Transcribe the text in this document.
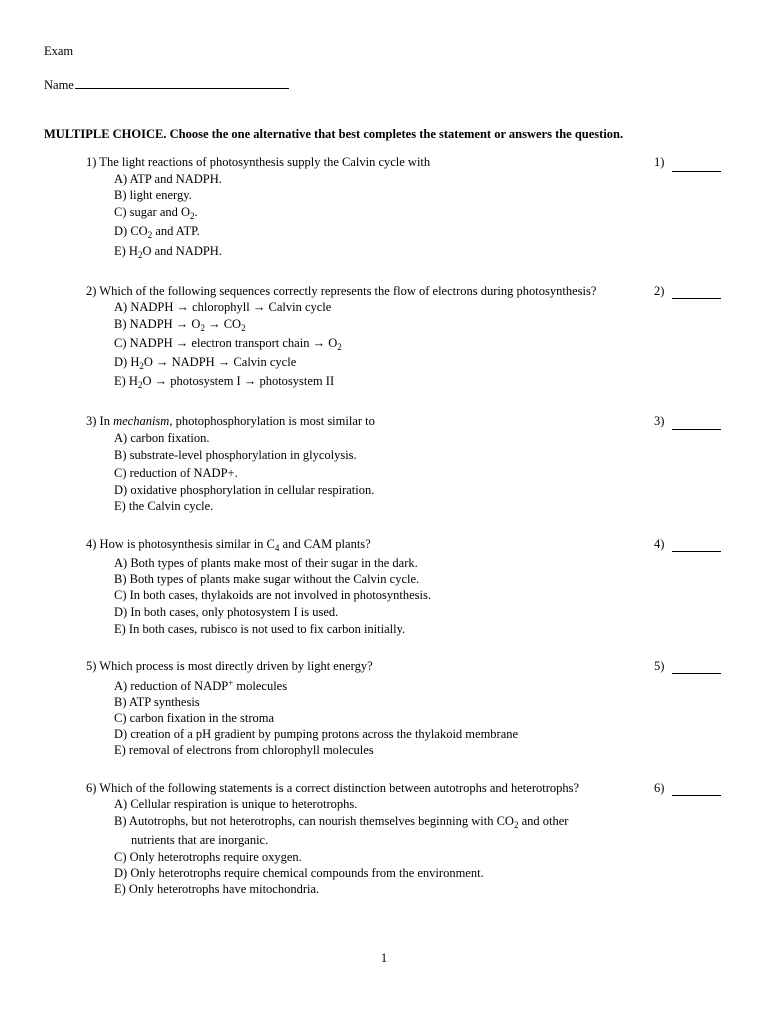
Exam
Name
MULTIPLE CHOICE. Choose the one alternative that best completes the statement or answers the question.
1) The light reactions of photosynthesis supply the Calvin cycle with	1)
A) ATP and NADPH.
B) light energy.
C) sugar and $O_2$.
D) $CO_2$ and ATP.
E) $H_2O$ and NADPH.
2) Which of the following sequences correctly represents the flow of electrons during photosynthesis?	2)
A) NADPH → chlorophyll → Calvin cycle
B) NADPH → $O_2 \to CO_2$
C) NADPH → electron transport chain → $O_2$
D) $H_2O$ → NADPH → Calvin cycle
E) $H_2O$ → photosystem I → photosystem II
3) In mechanism, photophosphorylation is most similar to	3)
A) carbon fixation.
B) substrate-level phosphorylation in glycolysis.
C) reduction of NADP+.
D) oxidative phosphorylation in cellular respiration.
E) the Calvin cycle.
4) How is photosynthesis similar in $C_4$ and CAM plants?	4)
A) Both types of plants make most of their sugar in the dark.
B) Both types of plants make sugar without the Calvin cycle.
C) In both cases, thylakoids are not involved in photosynthesis.
D) In both cases, only photosystem I is used.
E) In both cases, rubisco is not used to fix carbon initially.
5) Which process is most directly driven by light energy?	5)
A) reduction of NADP+ molecules
B) ATP synthesis
C) carbon fixation in the stroma
D) creation of a pH gradient by pumping protons across the thylakoid membrane
E) removal of electrons from chlorophyll molecules
6) Which of the following statements is a correct distinction between autotrophs and heterotrophs?	6)
A) Cellular respiration is unique to heterotrophs.
B) Autotrophs, but not heterotrophs, can nourish themselves beginning with $CO_2$ and other
nutrients that are inorganic.
C) Only heterotrophs require oxygen.
D) Only heterotrophs require chemical compounds from the environment.
E) Only heterotrophs have mitochondria.
1
